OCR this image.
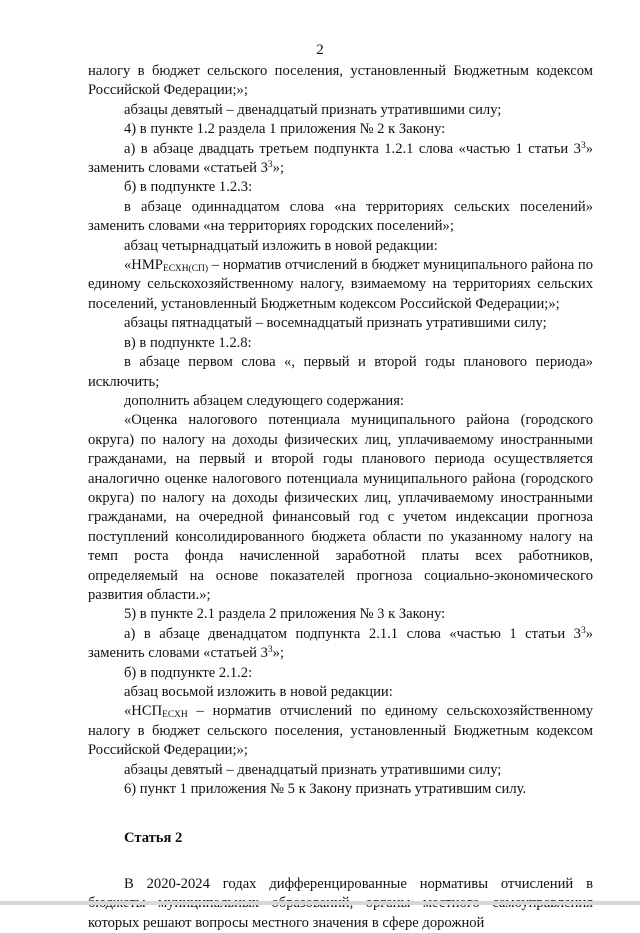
2

налогу в бюджет сельского поселения, установленный Бюджетным кодексом Российской Федерации;»;

абзацы девятый – двенадцатый признать утратившими силу;

4) в пункте 1.2 раздела 1 приложения № 2 к Закону:

а) в абзаце двадцать третьем подпункта 1.2.1 слова «частью 1 статьи $3^3$» заменить словами «статьей $3^3$»;

б) в подпункте 1.2.3:

в абзаце одиннадцатом слова «на территориях сельских поселений» заменить словами «на территориях городских поселений»;

абзац четырнадцатый изложить в новой редакции:

«$НМР_{ЕСХН(СП)}$ – норматив отчислений в бюджет муниципального района по единому сельскохозяйственному налогу, взимаемому на территориях сельских поселений, установленный Бюджетным кодексом Российской Федерации;»;

абзацы пятнадцатый – восемнадцатый признать утратившими силу;

в) в подпункте 1.2.8:

в абзаце первом слова «, первый и второй годы планового периода» исключить;

дополнить абзацем следующего содержания:

«Оценка налогового потенциала муниципального района (городского округа) по налогу на доходы физических лиц, уплачиваемому иностранными гражданами, на первый и второй годы планового периода осуществляется аналогично оценке налогового потенциала муниципального района (городского округа) по налогу на доходы физических лиц, уплачиваемому иностранными гражданами, на очередной финансовый год с учетом индексации прогноза поступлений консолидированного бюджета области по указанному налогу на темп роста фонда начисленной заработной платы всех работников, определяемый на основе показателей прогноза социально-экономического развития области.»;

5) в пункте 2.1 раздела 2 приложения № 3 к Закону:

а) в абзаце двенадцатом подпункта 2.1.1 слова «частью 1 статьи $3^3$» заменить словами «статьей $3^3$»;

б) в подпункте 2.1.2:

абзац восьмой изложить в новой редакции:

«$НСП_{ЕСХН}$ – норматив отчислений по единому сельскохозяйственному налогу в бюджет сельского поселения, установленный Бюджетным кодексом Российской Федерации;»;

абзацы девятый – двенадцатый признать утратившими силу;

6) пункт 1 приложения № 5 к Закону признать утратившим силу.

Статья 2

В 2020-2024 годах дифференцированные нормативы отчислений в которых решают вопросы местного значения в сфере дорожной
